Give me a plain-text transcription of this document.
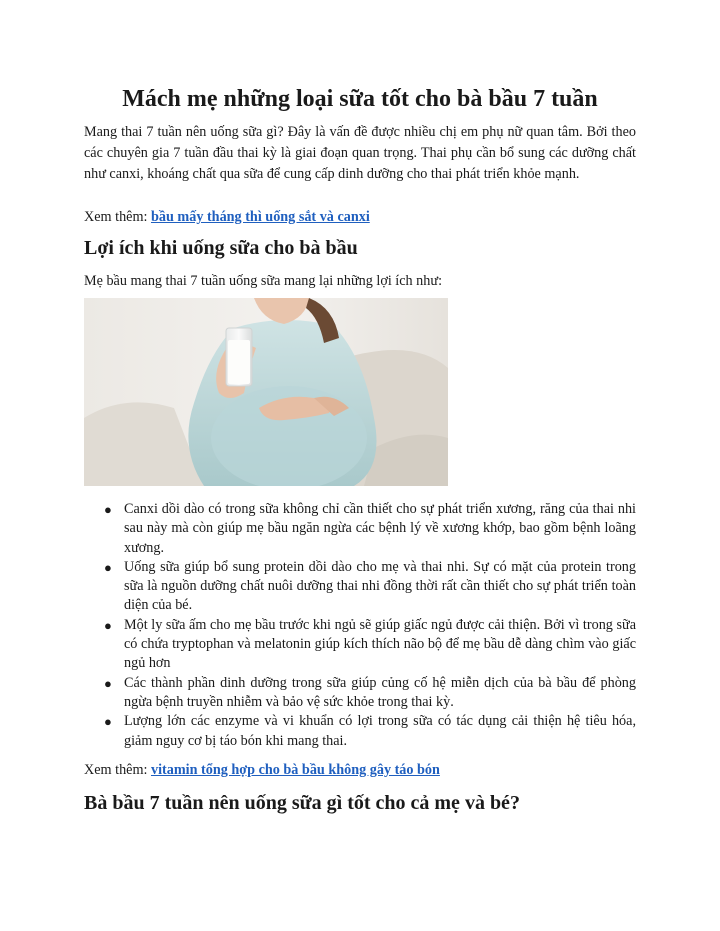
Mách mẹ những loại sữa tốt cho bà bầu 7 tuần
Mang thai 7 tuần nên uống sữa gì? Đây là vấn đề được nhiều chị em phụ nữ quan tâm. Bởi theo các chuyên gia 7 tuần đầu thai kỳ là giai đoạn quan trọng. Thai phụ cần bổ sung các dưỡng chất như canxi, khoáng chất qua sữa để cung cấp dinh dưỡng cho thai phát triển khỏe mạnh.
Xem thêm: bầu mấy tháng thì uống sắt và canxi
Lợi ích khi uống sữa cho bà bầu
Mẹ bầu mang thai 7 tuần uống sữa mang lại những lợi ích như:
● Canxi dồi dào có trong sữa không chỉ cần thiết cho sự phát triển xương, răng của thai nhi sau này mà còn giúp mẹ bầu ngăn ngừa các bệnh lý về xương khớp, bao gồm bệnh loãng xương.
● Uống sữa giúp bổ sung protein dồi dào cho mẹ và thai nhi. Sự có mặt của protein trong sữa là nguồn dưỡng chất nuôi dưỡng thai nhi đồng thời rất cần thiết cho sự phát triển toàn diện của bé.
● Một ly sữa ấm cho mẹ bầu trước khi ngủ sẽ giúp giấc ngủ được cải thiện. Bởi vì trong sữa có chứa tryptophan và melatonin giúp kích thích não bộ để mẹ bầu dễ dàng chìm vào giấc ngủ hơn
● Các thành phần dinh dưỡng trong sữa giúp củng cố hệ miễn dịch của bà bầu để phòng ngừa bệnh truyền nhiễm và bảo vệ sức khỏe trong thai kỳ.
● Lượng lớn các enzyme và vi khuẩn có lợi trong sữa có tác dụng cải thiện hệ tiêu hóa, giảm nguy cơ bị táo bón khi mang thai.
Xem thêm: vitamin tổng hợp cho bà bầu không gây táo bón
Bà bầu 7 tuần nên uống sữa gì tốt cho cả mẹ và bé?
